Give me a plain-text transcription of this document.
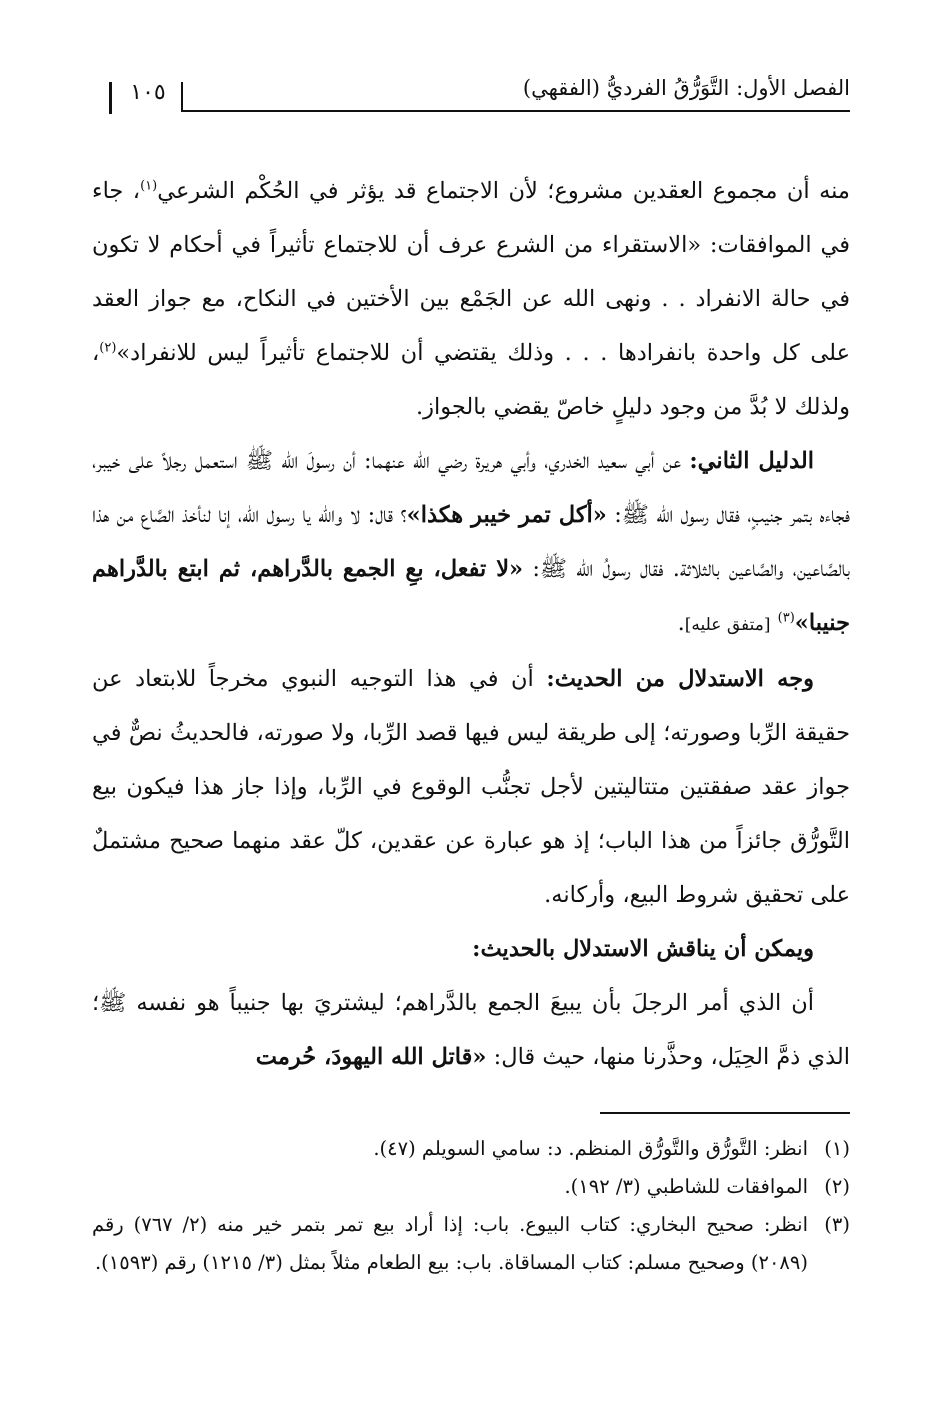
الفصل الأول: التَّوَرُّقُ الفرديُّ (الفقهي)
١٠٥

منه أن مجموع العقدين مشروع؛ لأن الاجتماع قد يؤثر في الحُكْم الشرعي$^{(١)}$، جاء في الموافقات: «الاستقراء من الشرع عرف أن للاجتماع تأثيراً في أحكام لا تكون في حالة الانفراد . . ونهى الله عن الجَمْع بين الأختين في النكاح، مع جواز العقد على كل واحدة بانفرادها . . . وذلك يقتضي أن للاجتماع تأثيراً ليس للانفراد»$^{(٢)}$، ولذلك لا بُدَّ من وجود دليلٍ خاصّ يقضي بالجواز.

الدليل الثاني: عن أبي سعيد الخدري، وأبي هريرة رضي الله عنهما: أن رسولَ الله ﷺ استعمل رجلاً على خيبر، فجاءه بتمر جنيبٍ، فقال رسول الله ﷺ: «أكل تمر خيبر هكذا»؟ قال: لا والله يا رسول الله، إنا لنأخذ الصَّاع من هذا بالصَّاعين، والصَّاعين بالثلاثة. فقال رسولُ الله ﷺ: «لا تفعل، بعِ الجمع بالدَّراهم، ثم ابتع بالدَّراهم جنيبا»$^{(٣)}$ [متفق عليه].

وجه الاستدلال من الحديث: أن في هذا التوجيه النبوي مخرجاً للابتعاد عن حقيقة الرِّبا وصورته؛ إلى طريقة ليس فيها قصد الرِّبا، ولا صورته، فالحديثُ نصٌّ في جواز عقد صفقتين متتاليتين لأجل تجنُّب الوقوع في الرِّبا، وإذا جاز هذا فيكون بيع التَّورُّق جائزاً من هذا الباب؛ إذ هو عبارة عن عقدين، كلّ عقد منهما صحيح مشتملٌ على تحقيق شروط البيع، وأركانه.

ويمكن أن يناقش الاستدلال بالحديث:

أن الذي أمر الرجلَ بأن يبيعَ الجمع بالدَّراهم؛ ليشتريَ بها جنيباً هو نفسه ﷺ؛ الذي ذمَّ الحِيَل، وحذَّرنا منها، حيث قال: «قاتل الله اليهودَ، حُرمت

(١)
انظر: التَّورُّق والتَّورُّق المنظم. د: سامي السويلم (٤٧).
(٢)
الموافقات للشاطبي (٣/ ١٩٢).
(٣)
انظر: صحيح البخاري: كتاب البيوع. باب: إذا أراد بيع تمر بتمر خير منه (٢/ ٧٦٧) رقم (٢٠٨٩) وصحيح مسلم: كتاب المساقاة. باب: بيع الطعام مثلاً بمثل (٣/ ١٢١٥) رقم (١٥٩٣).
